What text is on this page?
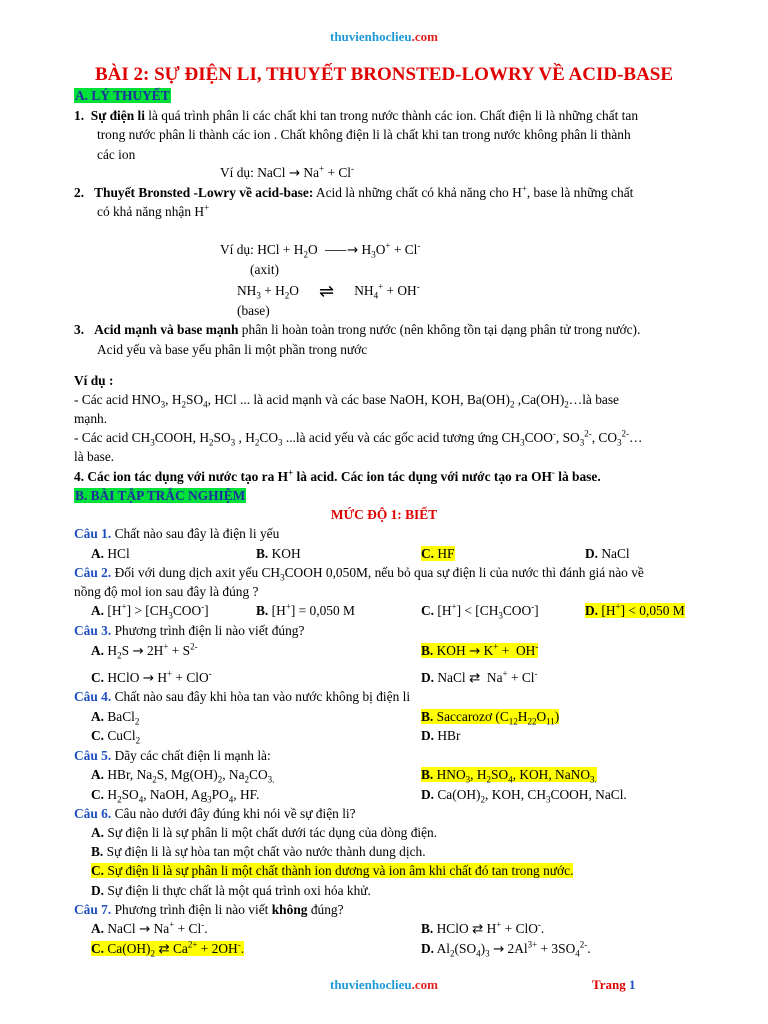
thuvienhoclieu.com
BÀI 2: SỰ ĐIỆN LI, THUYẾT BRONSTED-LOWRY VỀ ACID-BASE
A. LÝ THUYẾT
1. Sự điện li là quá trình phân li các chất khi tan trong nước thành các ion. Chất điện li là những chất tan
trong nước phân li thành các ion . Chất không điện li là chất khi tan trong nước không phân li thành
các ion
Ví dụ: NaCl → Na+ + Cl-
2. Thuyết Bronsted -Lowry về acid-base: Acid là những chất có khả năng cho H+, base là những chất
có khả năng nhận H+
Ví dụ: HCl + $H_2O$  ⸺→ $H_3O^+ + Cl^-$
(axit)
$NH_3 + H_2O$      ⇌      $NH_4^+ + OH^-$
(base)
3. Acid mạnh và base mạnh phân li hoàn toàn trong nước (nên không tồn tại dạng phân tử trong nước).
Acid yếu và base yếu phân li một phần trong nước
Ví dụ :
- Các acid $HNO_3$, $H_2SO_4$, HCl ... là acid mạnh và các base NaOH, KOH, $Ba(OH)_2$ $,Ca(OH)_2\dots là$ base
mạnh.
- Các acid $CH_3COOH$, $H_2SO_3$ , $H_2CO_3$ ...là acid yếu và các gốc acid tương ứng $CH_3COO^-$, $SO_3^{2-}$, $CO_3^{2-}\dots$
là base.
4. Các ion tác dụng với nước tạo ra H+ là acid. Các ion tác dụng với nước tạo ra OH- là base.
B. BÀI TẬP TRẮC NGHIỆM
MỨC ĐỘ 1: BIẾT
Câu 1. Chất nào sau đây là điện li yếu
A. HCl	B. KOH	C. HF	D. NaCl
Câu 2. Đối với dung dịch axit yếu $CH_3COOH$ 0,050M, nếu bỏ qua sự điện li của nước thì đánh giá nào về
nồng độ mol ion sau đây là đúng ?
A. $[H^+] > [CH_3COO^-]$	B. [H+] = 0,050 M	C. $[H^+] < [CH_3COO^-]$	D. [H+] < 0,050 M
Câu 3. Phương trình điện li nào viết đúng?
A. $H_2S \to 2H^+ + S^{2-}$	B. KOH → K+ +  OH-
C. HClO → H+ + ClO-	D. NaCl ⇄  Na+ + Cl-
Câu 4. Chất nào sau đây khi hòa tan vào nước không bị điện li
A. BaCl$_2$	B. Saccarozơ $(C_{12}H_{22}O_{11})$
C. CuCl$_2$	D. HBr
Câu 5. Dãy các chất điện li mạnh là:
A. HBr, $Na_2S$, $Mg(OH)_2$, $Na_2CO_{3.}$	B. $HNO_3$, $H_2SO_4$, KOH, NaNO$_{3.}$
C. $H_2SO_4$, NaOH, $Ag_3PO_4$, HF.	D. $Ca(OH)_2$, KOH, $CH_3COOH$, NaCl.
Câu 6. Câu nào dưới đây đúng khi nói về sự điện li?
A. Sự điện li là sự phân li một chất dưới tác dụng của dòng điện.
B. Sự điện li là sự hòa tan một chất vào nước thành dung dịch.
C. Sự điện li là sự phân li một chất thành ion dương và ion âm khi chất đó tan trong nước.
D. Sự điện li thực chất là một quá trình oxi hóa khử.
Câu 7. Phương trình điện li nào viết không đúng?
A. NaCl → Na+ + Cl-.	B. HClO ⇄ H+ + ClO-.
C. $Ca(OH)_2$ ⇄ $Ca^{2+} + 2OH^-$.	D. $Al_2(SO_4)_3 \to 2Al^{3+} + 3SO_4^{2-}$.
thuvienhoclieu.com	Trang 1
